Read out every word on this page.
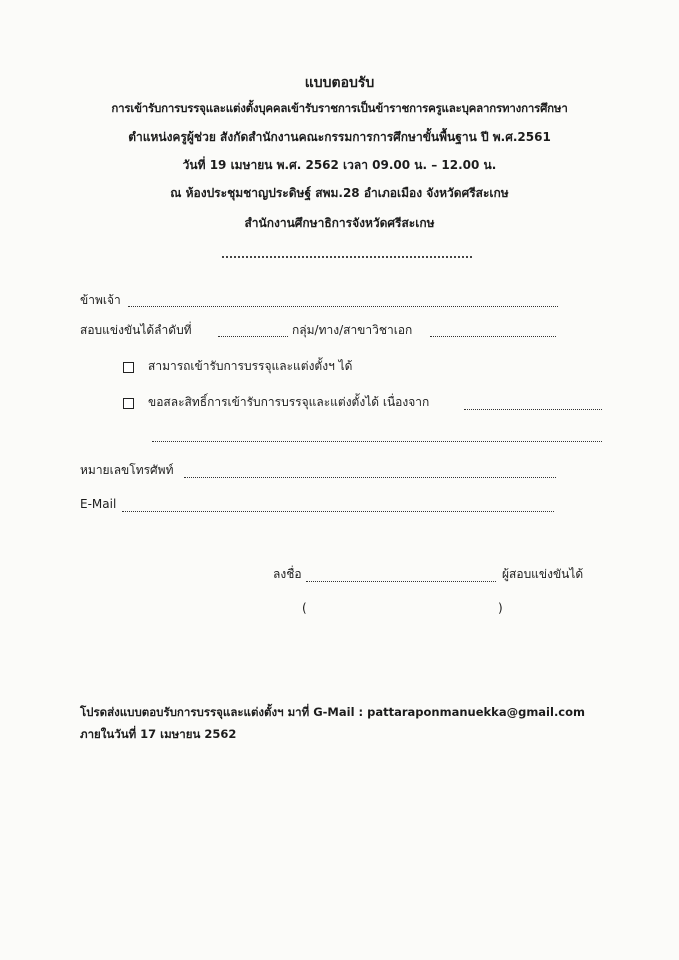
แบบตอบรับ
การเข้ารับการบรรจุและแต่งตั้งบุคคลเข้ารับราชการเป็นข้าราชการครูและบุคลากรทางการศึกษา
ตำแหน่งครูผู้ช่วย สังกัดสำนักงานคณะกรรมการการศึกษาขั้นพื้นฐาน ปี พ.ศ.2561
วันที่ 19 เมษายน พ.ศ. 2562 เวลา 09.00 น. – 12.00 น.
ณ ห้องประชุมชาญประดิษฐ์ สพม.28 อำเภอเมือง จังหวัดศรีสะเกษ
สำนักงานศึกษาธิการจังหวัดศรีสะเกษ
ข้าพเจ้า
สอบแข่งขันได้ลำดับที่	กลุ่ม/ทาง/สาขาวิชาเอก
สามารถเข้ารับการบรรจุและแต่งตั้งฯ ได้
ขอสละสิทธิ์การเข้ารับการบรรจุและแต่งตั้งได้ เนื่องจาก
หมายเลขโทรศัพท์
E-Mail
ลงชื่อ	ผู้สอบแข่งขันได้
(	)
โปรดส่งแบบตอบรับการบรรจุและแต่งตั้งฯ มาที่ G-Mail : pattaraponmanuekka@gmail.com
ภายในวันที่ 17 เมษายน 2562
